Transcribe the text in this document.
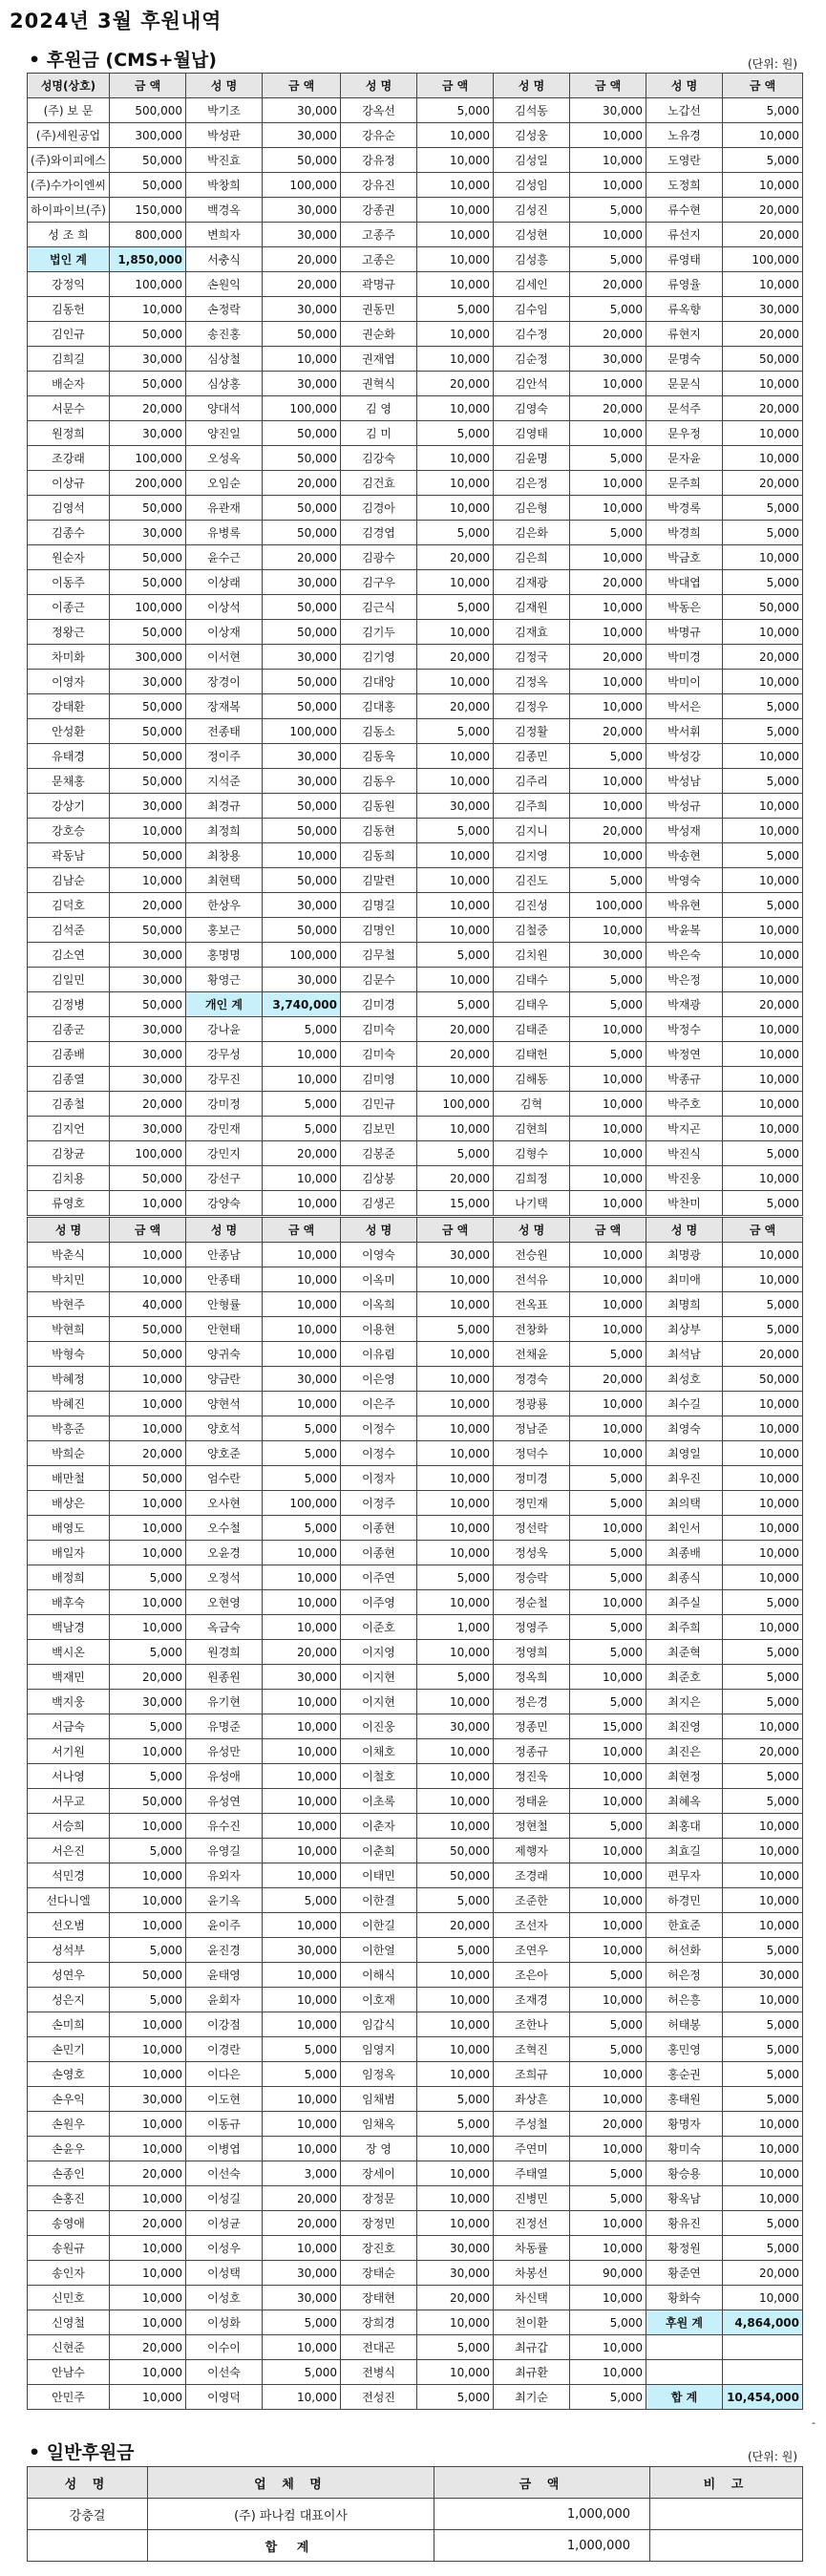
2024년 3월 후원내역
• 후원금 (CMS+월납)	(단위: 원)
성명(상호)	금 액	성 명	금 액	성 명	금 액	성 명	금 액	성 명	금 액
(주) 보 문	500,000	박기조	30,000	강옥선	5,000	김석동	30,000	노갑선	5,000
(주)세원공업	300,000	박성판	30,000	강유순	10,000	김성웅	10,000	노유경	10,000
(주)와이피에스	50,000	박진효	50,000	강유정	10,000	김성일	10,000	도영란	5,000
(주)수가이엔씨	50,000	박창희	100,000	강유진	10,000	김성임	10,000	도정희	10,000
하이파이브(주)	150,000	백경옥	30,000	강종권	10,000	김성진	5,000	류수현	20,000
성 조 희	800,000	변희자	30,000	고종주	10,000	김성현	10,000	류선지	20,000
법인 계	1,850,000	서충식	20,000	고종은	10,000	김성흥	5,000	류영태	100,000
강정익	100,000	손원익	20,000	곽명규	10,000	김세인	20,000	류영율	10,000
김동헌	10,000	손정락	30,000	권동민	5,000	김수임	5,000	류옥향	30,000
김인규	50,000	송진홍	50,000	권순화	10,000	김수정	20,000	류현지	20,000
김희길	30,000	심상철	10,000	권재엽	10,000	김순정	30,000	문명숙	50,000
배순자	50,000	심상홍	30,000	권혁식	20,000	김안석	10,000	문문식	10,000
서문수	20,000	양대석	100,000	김 영	10,000	김영숙	20,000	문석주	20,000
원정희	30,000	양진일	50,000	김 미	5,000	김영태	10,000	문우정	10,000
조강래	100,000	오성옥	50,000	김강숙	10,000	김윤명	5,000	문자윤	10,000
이상규	200,000	오임순	20,000	김건효	10,000	김은정	10,000	문주희	20,000
김영석	50,000	유관재	50,000	김경아	10,000	김은형	10,000	박경록	5,000
김종수	30,000	유병록	50,000	김경엽	5,000	김은화	5,000	박경희	5,000
원순자	50,000	윤수근	20,000	김광수	20,000	김은희	10,000	박금호	10,000
이동주	50,000	이상래	30,000	김구우	10,000	김재광	20,000	박대엽	5,000
이종근	100,000	이상석	50,000	김근식	5,000	김재원	10,000	박동은	50,000
정왕근	50,000	이상재	50,000	김기두	10,000	김재효	10,000	박명규	10,000
차미화	300,000	이서현	30,000	김기영	20,000	김정국	20,000	박미경	20,000
이영자	30,000	장경이	50,000	김대앙	10,000	김정옥	10,000	박미이	10,000
강태환	50,000	장재복	50,000	김대홍	20,000	김정우	10,000	박서은	5,000
안성환	50,000	전종태	100,000	김동소	5,000	김정활	20,000	박서휘	5,000
유태경	50,000	정이주	30,000	김동욱	10,000	김종민	5,000	박성강	10,000
문채홍	50,000	지석준	30,000	김동우	10,000	김주리	10,000	박성남	5,000
강상기	30,000	최경규	50,000	김동원	30,000	김주희	10,000	박성규	10,000
강호승	10,000	최정희	50,000	김동현	5,000	김지니	20,000	박성재	10,000
곽동남	50,000	최창용	10,000	김동희	10,000	김지영	10,000	박송현	5,000
김남순	10,000	최현택	50,000	김말련	10,000	김진도	5,000	박영숙	10,000
김덕호	20,000	한상우	30,000	김명길	10,000	김진성	100,000	박유현	5,000
김석준	50,000	홍보근	50,000	김명인	10,000	김철중	10,000	박윤복	10,000
김소연	30,000	홍명명	100,000	김무철	5,000	김치원	30,000	박은숙	10,000
김일민	30,000	황영근	30,000	김문수	10,000	김태수	5,000	박은정	10,000
김정병	50,000	개인 계	3,740,000	김미경	5,000	김태우	5,000	박재광	20,000
김종군	30,000	강나윤	5,000	김미숙	20,000	김태준	10,000	박정수	10,000
김종배	30,000	강무성	10,000	김미숙	20,000	김태헌	5,000	박정연	10,000
김종열	30,000	강무진	10,000	김미영	10,000	김해동	10,000	박종규	10,000
김종철	20,000	강미정	5,000	김민규	100,000	김혁	10,000	박주호	10,000
김지언	30,000	강민재	5,000	김보민	10,000	김현희	10,000	박지곤	10,000
김창균	100,000	강민지	20,000	김봉준	5,000	김형수	10,000	박진식	5,000
김치용	50,000	강선구	10,000	김상봉	20,000	김희정	10,000	박진웅	10,000
류영호	10,000	강양숙	10,000	김생곤	15,000	나기택	10,000	박찬미	5,000
성 명	금 액	성 명	금 액	성 명	금 액	성 명	금 액	성 명	금 액
박춘식	10,000	안종남	10,000	이영숙	30,000	전승원	10,000	최명광	10,000
박치민	10,000	안종태	10,000	이옥미	10,000	전석유	10,000	최미애	10,000
박현주	40,000	안형률	10,000	이옥희	10,000	전옥표	10,000	최명희	5,000
박현희	50,000	안현태	10,000	이용현	5,000	전창화	10,000	최상부	5,000
박형숙	50,000	양귀숙	10,000	이유림	10,000	전채윤	5,000	최석남	20,000
박혜정	10,000	양금란	30,000	이은영	10,000	정경숙	20,000	최성호	50,000
박혜진	10,000	양현석	10,000	이은주	10,000	정광룡	10,000	최수길	10,000
박흥준	10,000	양호석	5,000	이정수	10,000	정남준	10,000	최영숙	10,000
박희순	20,000	양호준	5,000	이정수	10,000	정덕수	10,000	최영일	10,000
배만철	50,000	엄수란	5,000	이정자	10,000	정미경	5,000	최우진	10,000
배상은	10,000	오사현	100,000	이정주	10,000	정민재	5,000	최의택	10,000
배영도	10,000	오수철	5,000	이종현	10,000	정선락	10,000	최인서	10,000
배일자	10,000	오윤경	10,000	이종현	10,000	정성욱	5,000	최종배	10,000
배정희	5,000	오정석	10,000	이주연	5,000	정승락	5,000	최종식	10,000
배후숙	10,000	오현영	10,000	이주영	10,000	정순철	10,000	최주실	5,000
백남경	10,000	옥금숙	10,000	이준호	1,000	정영주	5,000	최주희	10,000
백시온	5,000	원경희	20,000	이지영	10,000	정영희	5,000	최준혁	5,000
백재민	20,000	원종원	30,000	이지현	5,000	정옥희	10,000	최준호	5,000
백지웅	30,000	유기현	10,000	이지현	10,000	정은경	5,000	최지은	5,000
서금숙	5,000	유명준	10,000	이진웅	30,000	정종민	15,000	최진영	10,000
서기원	10,000	유성만	10,000	이채호	10,000	정종규	10,000	최진은	20,000
서나영	5,000	유성애	10,000	이철호	10,000	정진욱	10,000	최현정	5,000
서무교	50,000	유성연	10,000	이초록	10,000	정태윤	10,000	최혜옥	5,000
서승희	10,000	유수진	10,000	이춘자	10,000	정현철	5,000	최홍대	10,000
서은진	5,000	유영길	10,000	이춘희	50,000	제행자	10,000	최효길	10,000
석민경	10,000	유외자	10,000	이태민	50,000	조경래	10,000	편무자	10,000
선다니엘	10,000	윤기옥	5,000	이한결	5,000	조준한	10,000	하경민	10,000
선오범	10,000	윤이주	10,000	이한길	20,000	조선자	10,000	한효준	10,000
성석부	5,000	윤진경	30,000	이한얼	5,000	조연우	10,000	허선화	5,000
성연우	50,000	윤태영	10,000	이해식	10,000	조은아	5,000	허은정	30,000
성은지	5,000	윤회자	10,000	이호재	10,000	조재경	10,000	허은흥	10,000
손미희	10,000	이강점	10,000	임갑식	10,000	조한나	5,000	허태봉	5,000
손민기	10,000	이경란	5,000	임영지	10,000	조혁진	5,000	홍민영	5,000
손영호	10,000	이다은	5,000	임정옥	10,000	조희규	10,000	홍순권	5,000
손우익	30,000	이도현	10,000	임채범	5,000	좌상흔	10,000	홍태원	5,000
손원우	10,000	이동규	10,000	임채옥	5,000	주성철	20,000	황명자	10,000
손윤우	10,000	이병엽	10,000	장 영	10,000	주연미	10,000	황미숙	10,000
손종인	20,000	이선숙	3,000	장세이	10,000	주태열	5,000	황승용	10,000
손홍진	10,000	이성길	20,000	장정문	10,000	진병민	5,000	황옥남	10,000
송영애	20,000	이성균	20,000	장정민	10,000	진정선	10,000	황유진	5,000
송원규	10,000	이성우	10,000	장진호	30,000	차동률	10,000	황정원	5,000
송인자	10,000	이성택	30,000	장태순	30,000	차봉선	90,000	황준연	20,000
신민호	10,000	이성호	30,000	장태현	20,000	차신택	10,000	황화숙	10,000
신영철	10,000	이성화	5,000	장희경	10,000	천이환	5,000	후원 계	4,864,000
신현준	20,000	이수이	10,000	전대곤	5,000	최규갑	10,000		
안남수	10,000	이선숙	5,000	전병식	10,000	최규환	10,000		
안민주	10,000	이영덕	10,000	전성진	5,000	최기순	5,000	합 계	10,454,000
-
• 일반후원금	(단위: 원)
성 명	업 체 명	금 액	비 고
강충걸	(주) 파나컴 대표이사	1,000,000	
	합 계	1,000,000	
